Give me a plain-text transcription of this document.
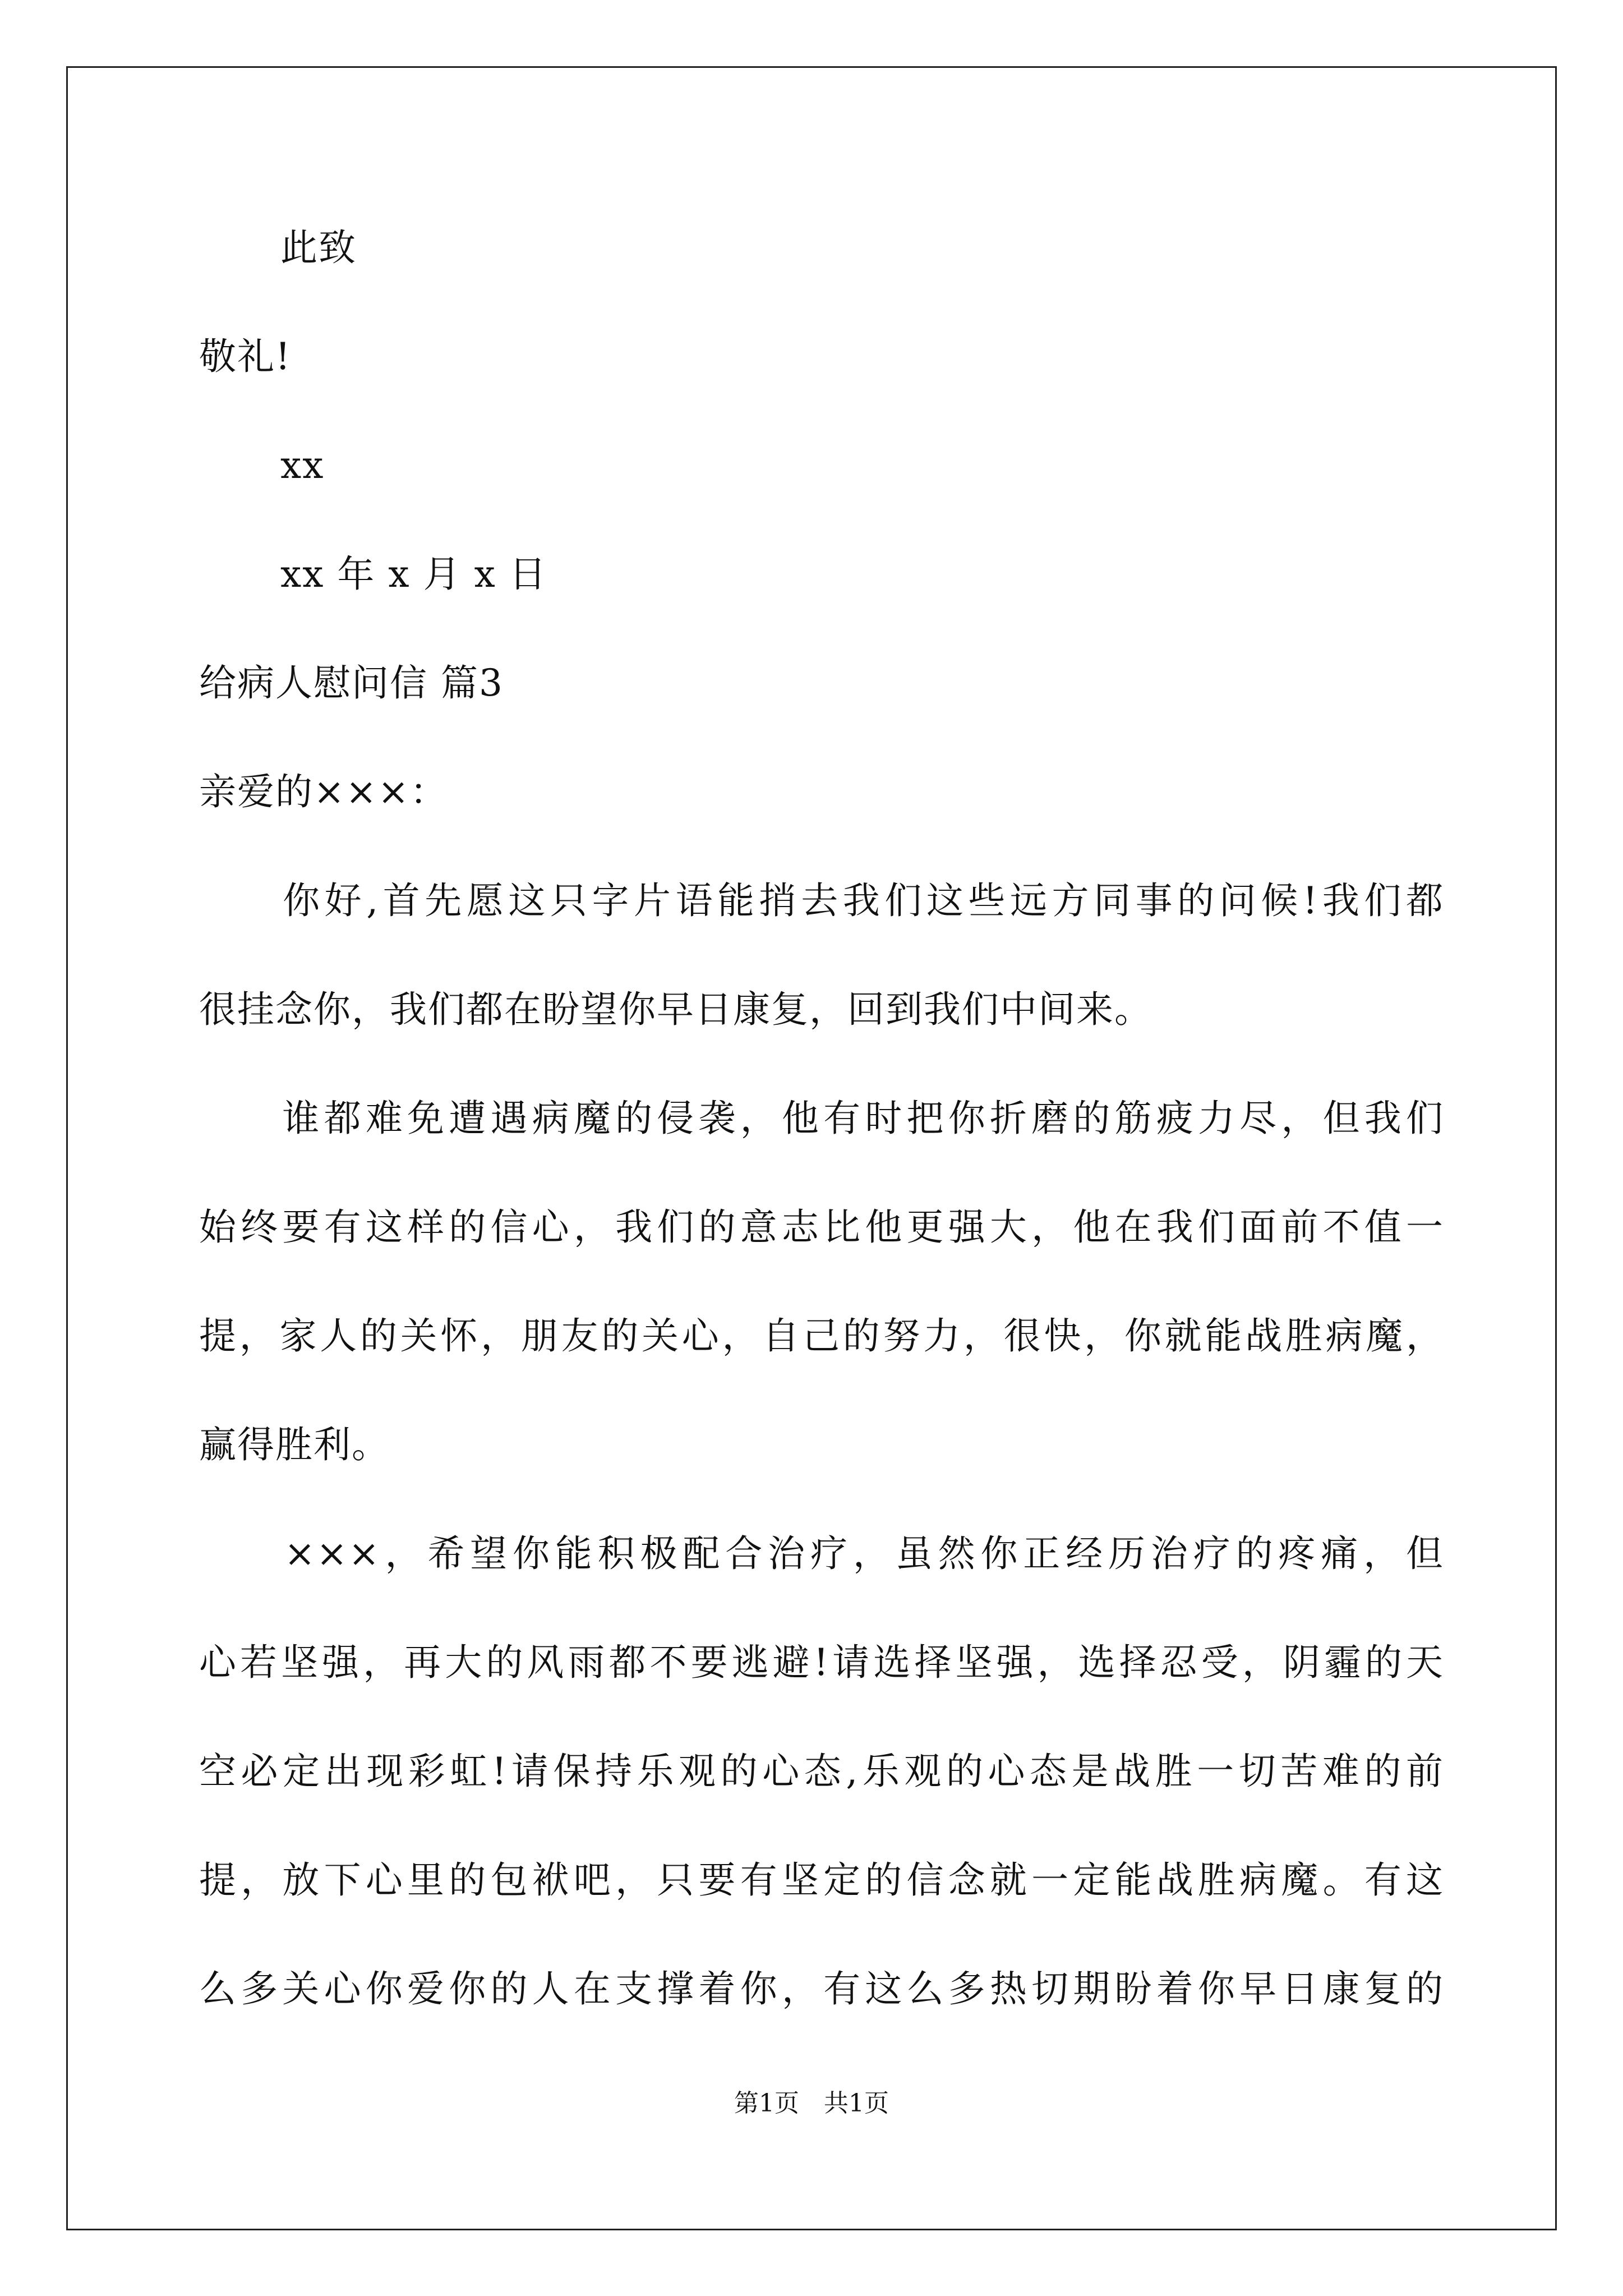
此致
敬礼!
xx
xx 年 x 月 x 日
给病人慰问信 篇3
亲爱的×××：
　　你好,首先愿这只字片语能捎去我们这些远方同事的问候!我们都
很挂念你，我们都在盼望你早日康复，回到我们中间来。
　　谁都难免遭遇病魔的侵袭，他有时把你折磨的筋疲力尽，但我们
始终要有这样的信心，我们的意志比他更强大，他在我们面前不值一
提，家人的关怀，朋友的关心，自己的努力，很快，你就能战胜病魔，
赢得胜利。
　　×××，希望你能积极配合治疗，虽然你正经历治疗的疼痛，但
心若坚强，再大的风雨都不要逃避!请选择坚强，选择忍受，阴霾的天
空必定出现彩虹!请保持乐观的心态,乐观的心态是战胜一切苦难的前
提，放下心里的包袱吧，只要有坚定的信念就一定能战胜病魔。有这
么多关心你爱你的人在支撑着你，有这么多热切期盼着你早日康复的
第1页　共1页
